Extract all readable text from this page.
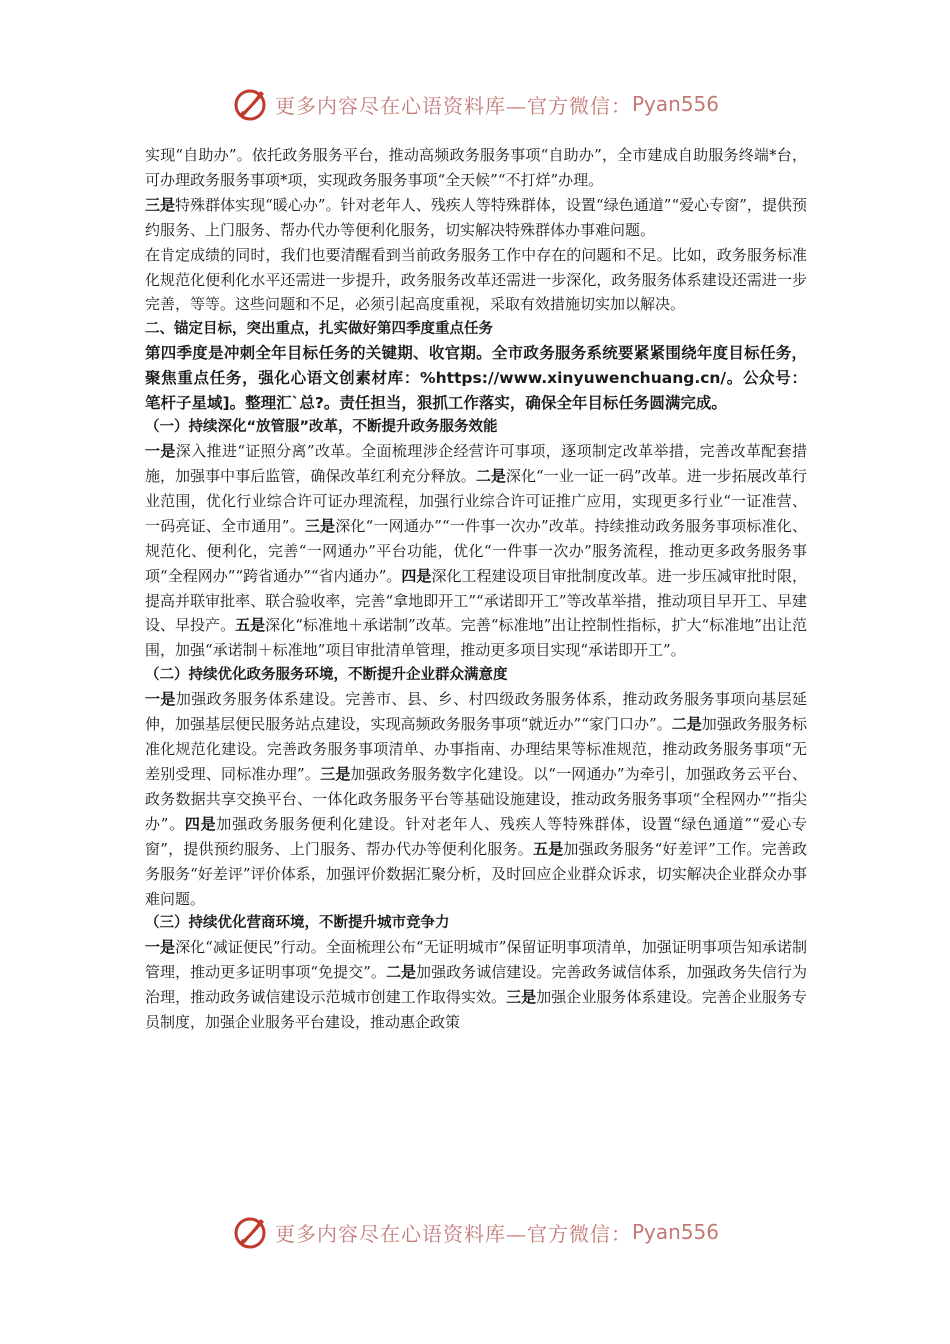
更多内容尽在心语资料库—官方微信： Pyan556

实现“自助办”。依托政务服务平台，推动高频政务服务事项“自助办”，全市建成自助服务终端*台，可办理政务服务事项*项，实现政务服务事项“全天候”“不打烊”办理。

三是特殊群体实现“暖心办”。针对老年人、残疾人等特殊群体，设置“绿色通道”“爱心专窗”，提供预约服务、上门服务、帮办代办等便利化服务，切实解决特殊群体办事难问题。

在肯定成绩的同时，我们也要清醒看到当前政务服务工作中存在的问题和不足。比如，政务服务标准化规范化便利化水平还需进一步提升，政务服务改革还需进一步深化，政务服务体系建设还需进一步完善，等等。这些问题和不足，必须引起高度重视，采取有效措施切实加以解决。

二、锚定目标，突出重点，扎实做好第四季度重点任务

第四季度是冲刺全年目标任务的关键期、收官期。全市政务服务系统要紧紧围绕年度目标任务，聚焦重点任务，强化心语文创素材库：%https://www.xinyuwenchuang.cn/。公众号：笔杆子星域]。整理汇`总?。责任担当，狠抓工作落实，确保全年目标任务圆满完成。

（一）持续深化“放管服”改革，不断提升政务服务效能

一是深入推进“证照分离”改革。全面梳理涉企经营许可事项，逐项制定改革举措，完善改革配套措施，加强事中事后监管，确保改革红利充分释放。二是深化“一业一证一码”改革。进一步拓展改革行业范围，优化行业综合许可证办理流程，加强行业综合许可证推广应用，实现更多行业“一证准营、一码亮证、全市通用”。三是深化“一网通办”“一件事一次办”改革。持续推动政务服务事项标准化、规范化、便利化，完善“一网通办”平台功能，优化“一件事一次办”服务流程，推动更多政务服务事项“全程网办”“跨省通办”“省内通办”。四是深化工程建设项目审批制度改革。进一步压减审批时限，提高并联审批率、联合验收率，完善“拿地即开工”“承诺即开工”等改革举措，推动项目早开工、早建设、早投产。五是深化“标准地＋承诺制”改革。完善“标准地”出让控制性指标，扩大“标准地”出让范围，加强“承诺制＋标准地”项目审批清单管理，推动更多项目实现“承诺即开工”。

（二）持续优化政务服务环境，不断提升企业群众满意度

一是加强政务服务体系建设。完善市、县、乡、村四级政务服务体系，推动政务服务事项向基层延伸，加强基层便民服务站点建设，实现高频政务服务事项“就近办”“家门口办”。二是加强政务服务标准化规范化建设。完善政务服务事项清单、办事指南、办理结果等标准规范，推动政务服务事项“无差别受理、同标准办理”。三是加强政务服务数字化建设。以“一网通办”为牵引，加强政务云平台、政务数据共享交换平台、一体化政务服务平台等基础设施建设，推动政务服务事项“全程网办”“指尖办”。四是加强政务服务便利化建设。针对老年人、残疾人等特殊群体，设置“绿色通道”“爱心专窗”，提供预约服务、上门服务、帮办代办等便利化服务。五是加强政务服务“好差评”工作。完善政务服务“好差评”评价体系，加强评价数据汇聚分析，及时回应企业群众诉求，切实解决企业群众办事难问题。

（三）持续优化营商环境，不断提升城市竞争力

一是深化“减证便民”行动。全面梳理公布“无证明城市”保留证明事项清单，加强证明事项告知承诺制管理，推动更多证明事项“免提交”。二是加强政务诚信建设。完善政务诚信体系，加强政务失信行为治理，推动政务诚信建设示范城市创建工作取得实效。三是加强企业服务体系建设。完善企业服务专员制度，加强企业服务平台建设，推动惠企政策

更多内容尽在心语资料库—官方微信： Pyan556
